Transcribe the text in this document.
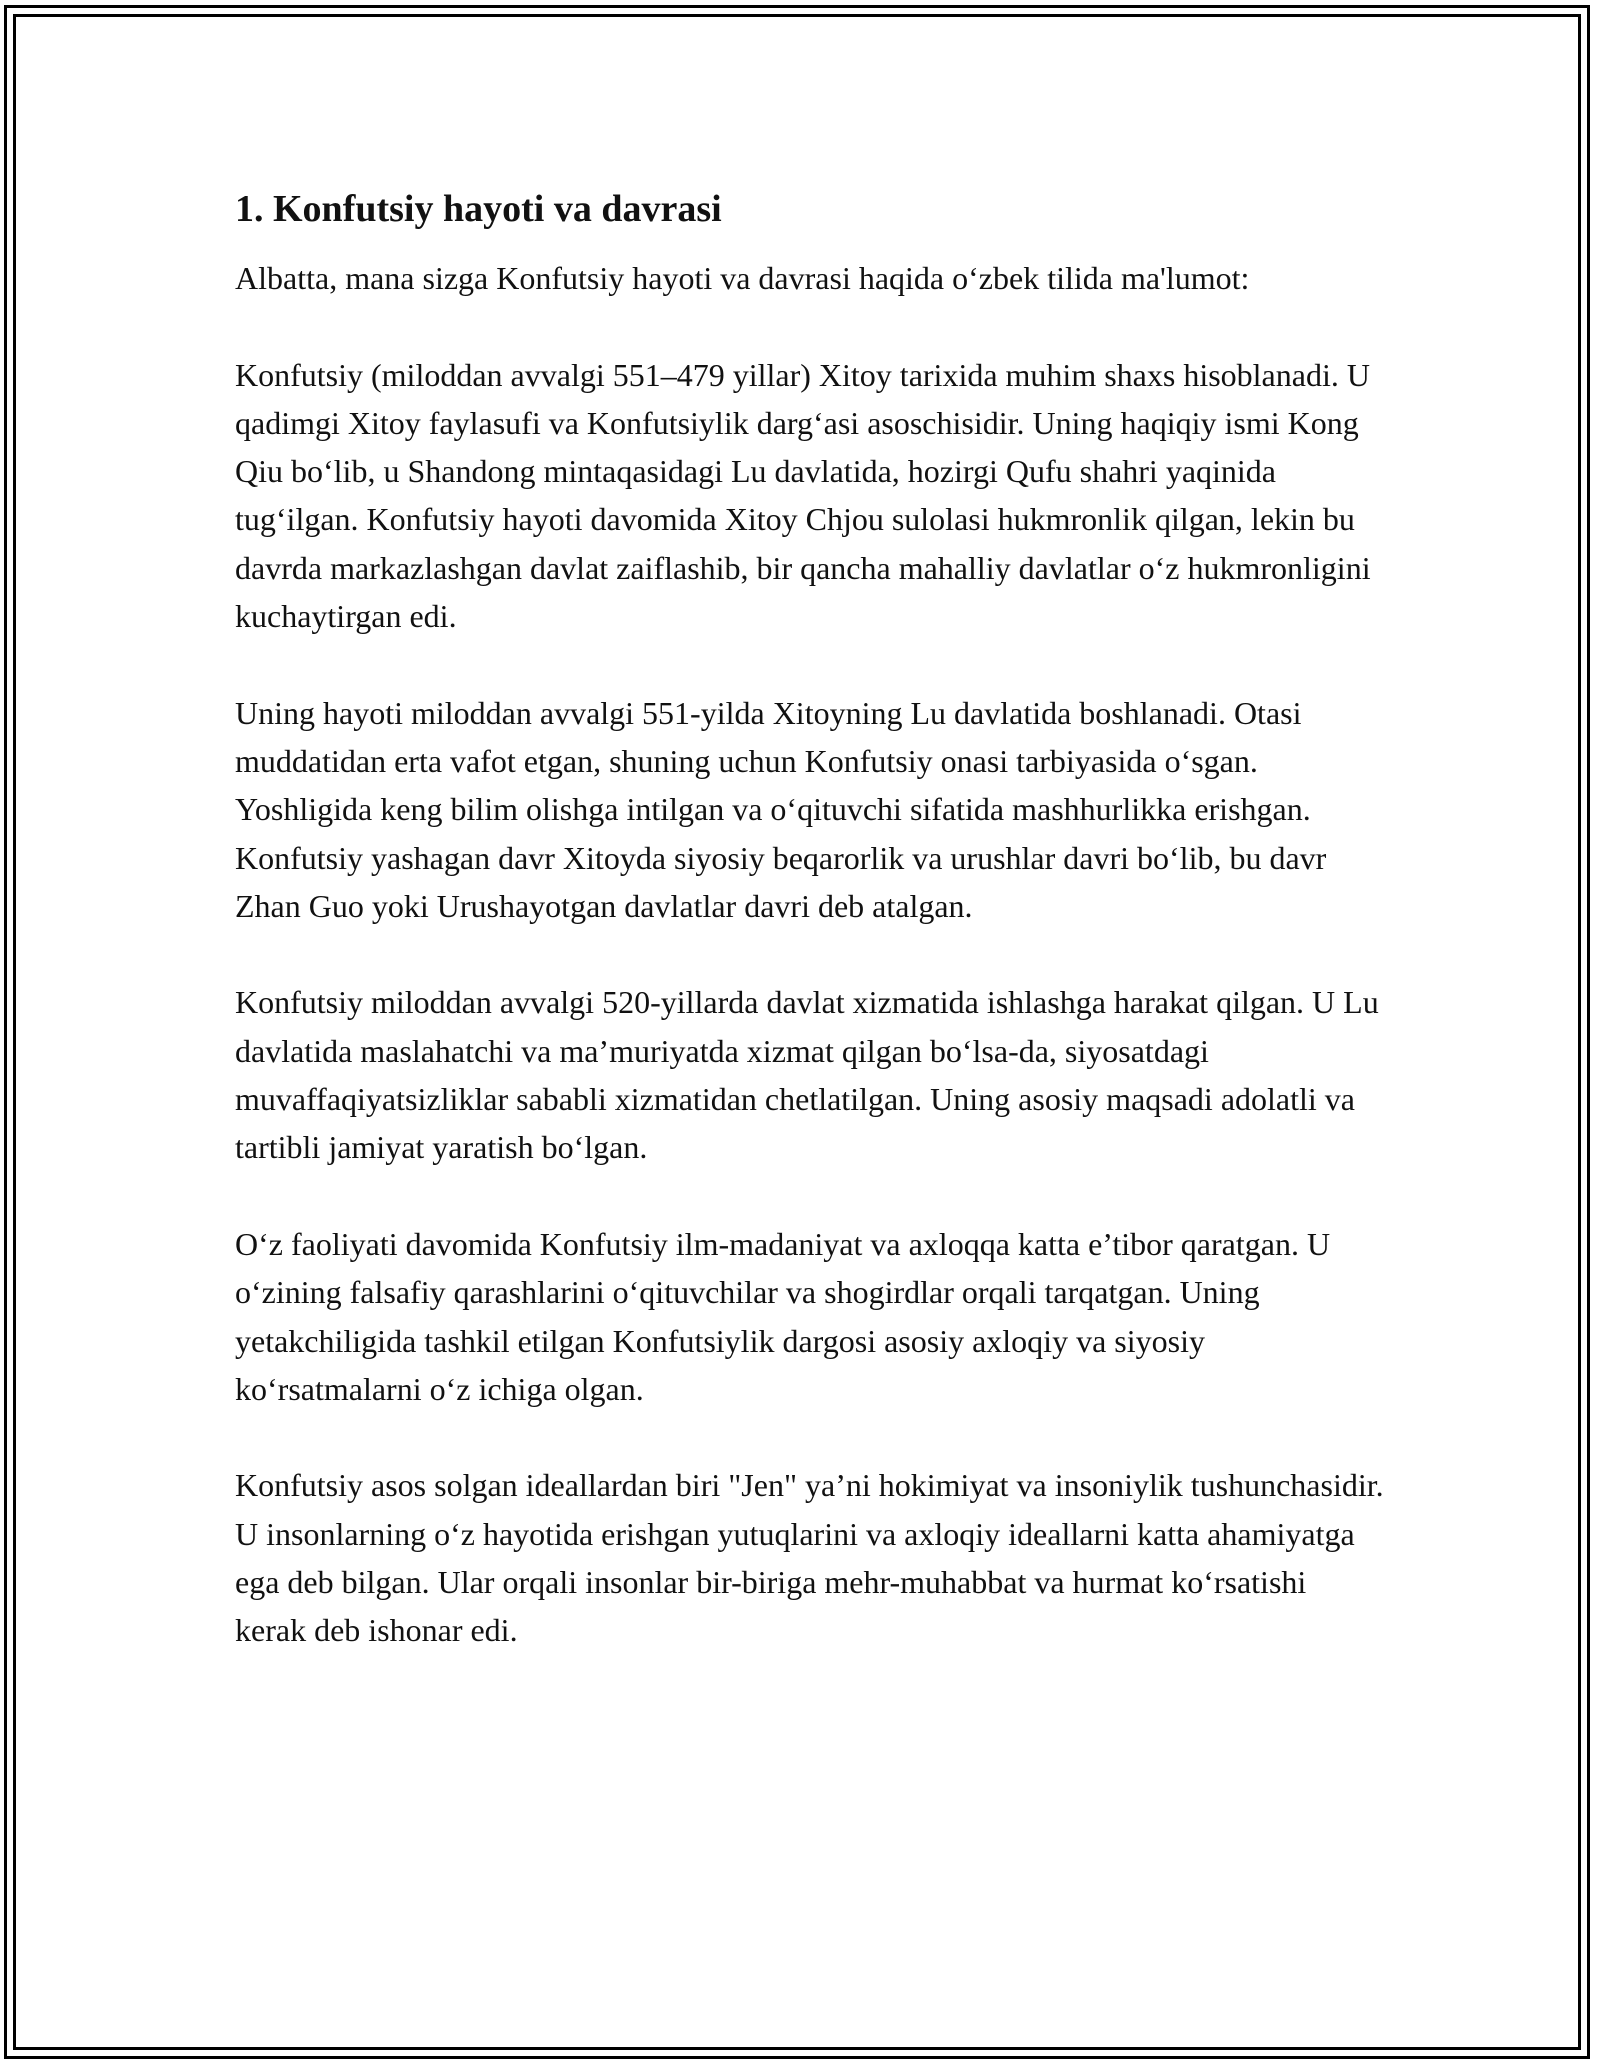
1. Konfutsiy hayoti va davrasi

Albatta, mana sizga Konfutsiy hayoti va davrasi haqida o‘zbek tilida ma'lumot:

Konfutsiy (miloddan avvalgi 551–479 yillar) Xitoy tarixida muhim shaxs hisoblanadi. U qadimgi Xitoy faylasufi va Konfutsiylik darg‘asi asoschisidir. Uning haqiqiy ismi Kong Qiu bo‘lib, u Shandong mintaqasidagi Lu davlatida, hozirgi Qufu shahri yaqinida tug‘ilgan. Konfutsiy hayoti davomida Xitoy Chjou sulolasi hukmronlik qilgan, lekin bu davrda markazlashgan davlat zaiflashib, bir qancha mahalliy davlatlar o‘z hukmronligini kuchaytirgan edi.

Uning hayoti miloddan avvalgi 551-yilda Xitoyning Lu davlatida boshlanadi. Otasi muddatidan erta vafot etgan, shuning uchun Konfutsiy onasi tarbiyasida o‘sgan. Yoshligida keng bilim olishga intilgan va o‘qituvchi sifatida mashhurlikka erishgan. Konfutsiy yashagan davr Xitoyda siyosiy beqarorlik va urushlar davri bo‘lib, bu davr Zhan Guo yoki Urushayotgan davlatlar davri deb atalgan.

Konfutsiy miloddan avvalgi 520-yillarda davlat xizmatida ishlashga harakat qilgan. U Lu davlatida maslahatchi va ma’muriyatda xizmat qilgan bo‘lsa-da, siyosatdagi muvaffaqiyatsizliklar sababli xizmatidan chetlatilgan. Uning asosiy maqsadi adolatli va tartibli jamiyat yaratish bo‘lgan.

O‘z faoliyati davomida Konfutsiy ilm-madaniyat va axloqqa katta e’tibor qaratgan. U o‘zining falsafiy qarashlarini o‘qituvchilar va shogirdlar orqali tarqatgan. Uning yetakchiligida tashkil etilgan Konfutsiylik dargosi asosiy axloqiy va siyosiy ko‘rsatmalarni o‘z ichiga olgan.

Konfutsiy asos solgan ideallardan biri "Jen" ya’ni hokimiyat va insoniylik tushunchasidir. U insonlarning o‘z hayotida erishgan yutuqlarini va axloqiy ideallarni katta ahamiyatga ega deb bilgan. Ular orqali insonlar bir-biriga mehr-muhabbat va hurmat ko‘rsatishi kerak deb ishonar edi.
